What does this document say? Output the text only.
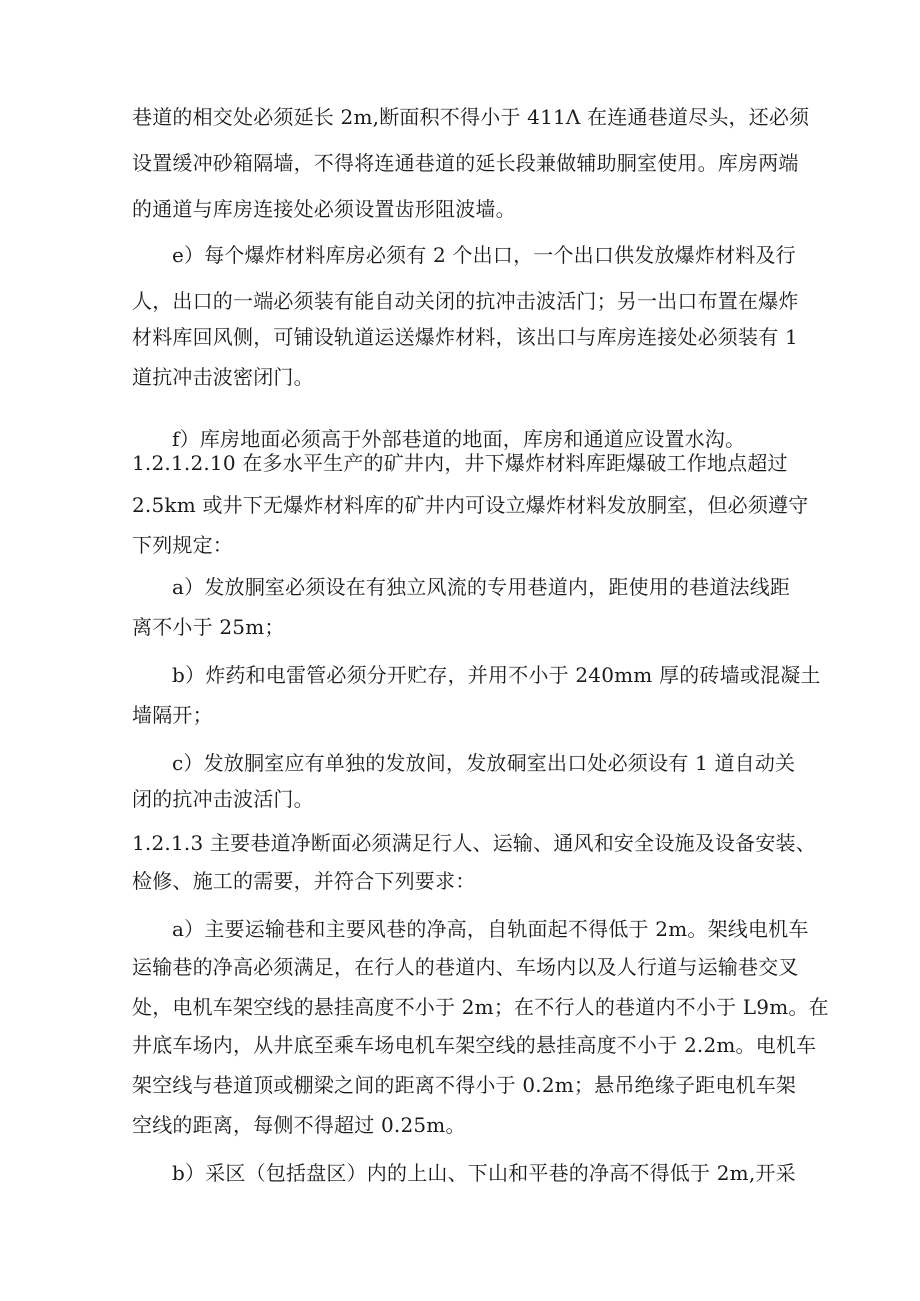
巷道的相交处必须延长 2m,断面积不得小于 411Λ 在连通巷道尽头，还必须
设置缓冲砂箱隔墙，不得将连通巷道的延长段兼做辅助胴室使用。库房两端
的通道与库房连接处必须设置齿形阻波墙。
e）每个爆炸材料库房必须有 2 个出口，一个出口供发放爆炸材料及行
人，出口的一端必须装有能自动关闭的抗冲击波活门；另一出口布置在爆炸
材料库回风侧，可铺设轨道运送爆炸材料，该出口与库房连接处必须装有 1
道抗冲击波密闭门。
f）库房地面必须高于外部巷道的地面，库房和通道应设置水沟。
1.2.1.2.10 在多水平生产的矿井内，井下爆炸材料库距爆破工作地点超过
2.5km 或井下无爆炸材料库的矿井内可设立爆炸材料发放胴室，但必须遵守
下列规定：
a）发放胴室必须设在有独立风流的专用巷道内，距使用的巷道法线距
离不小于 25m；
b）炸药和电雷管必须分开贮存，并用不小于 240mm 厚的砖墙或混凝土
墙隔开；
c）发放胴室应有单独的发放间，发放硐室出口处必须设有 1 道自动关
闭的抗冲击波活门。
1.2.1.3 主要巷道净断面必须满足行人、运输、通风和安全设施及设备安装、
检修、施工的需要，并符合下列要求：
a）主要运输巷和主要风巷的净高，自轨面起不得低于 2m。架线电机车
运输巷的净高必须满足，在行人的巷道内、车场内以及人行道与运输巷交叉
处，电机车架空线的悬挂高度不小于 2m；在不行人的巷道内不小于 L9m。在
井底车场内，从井底至乘车场电机车架空线的悬挂高度不小于 2.2m。电机车
架空线与巷道顶或棚梁之间的距离不得小于 0.2m；悬吊绝缘子距电机车架
空线的距离，每侧不得超过 0.25m。
b）采区（包括盘区）内的上山、下山和平巷的净高不得低于 2m,开采
